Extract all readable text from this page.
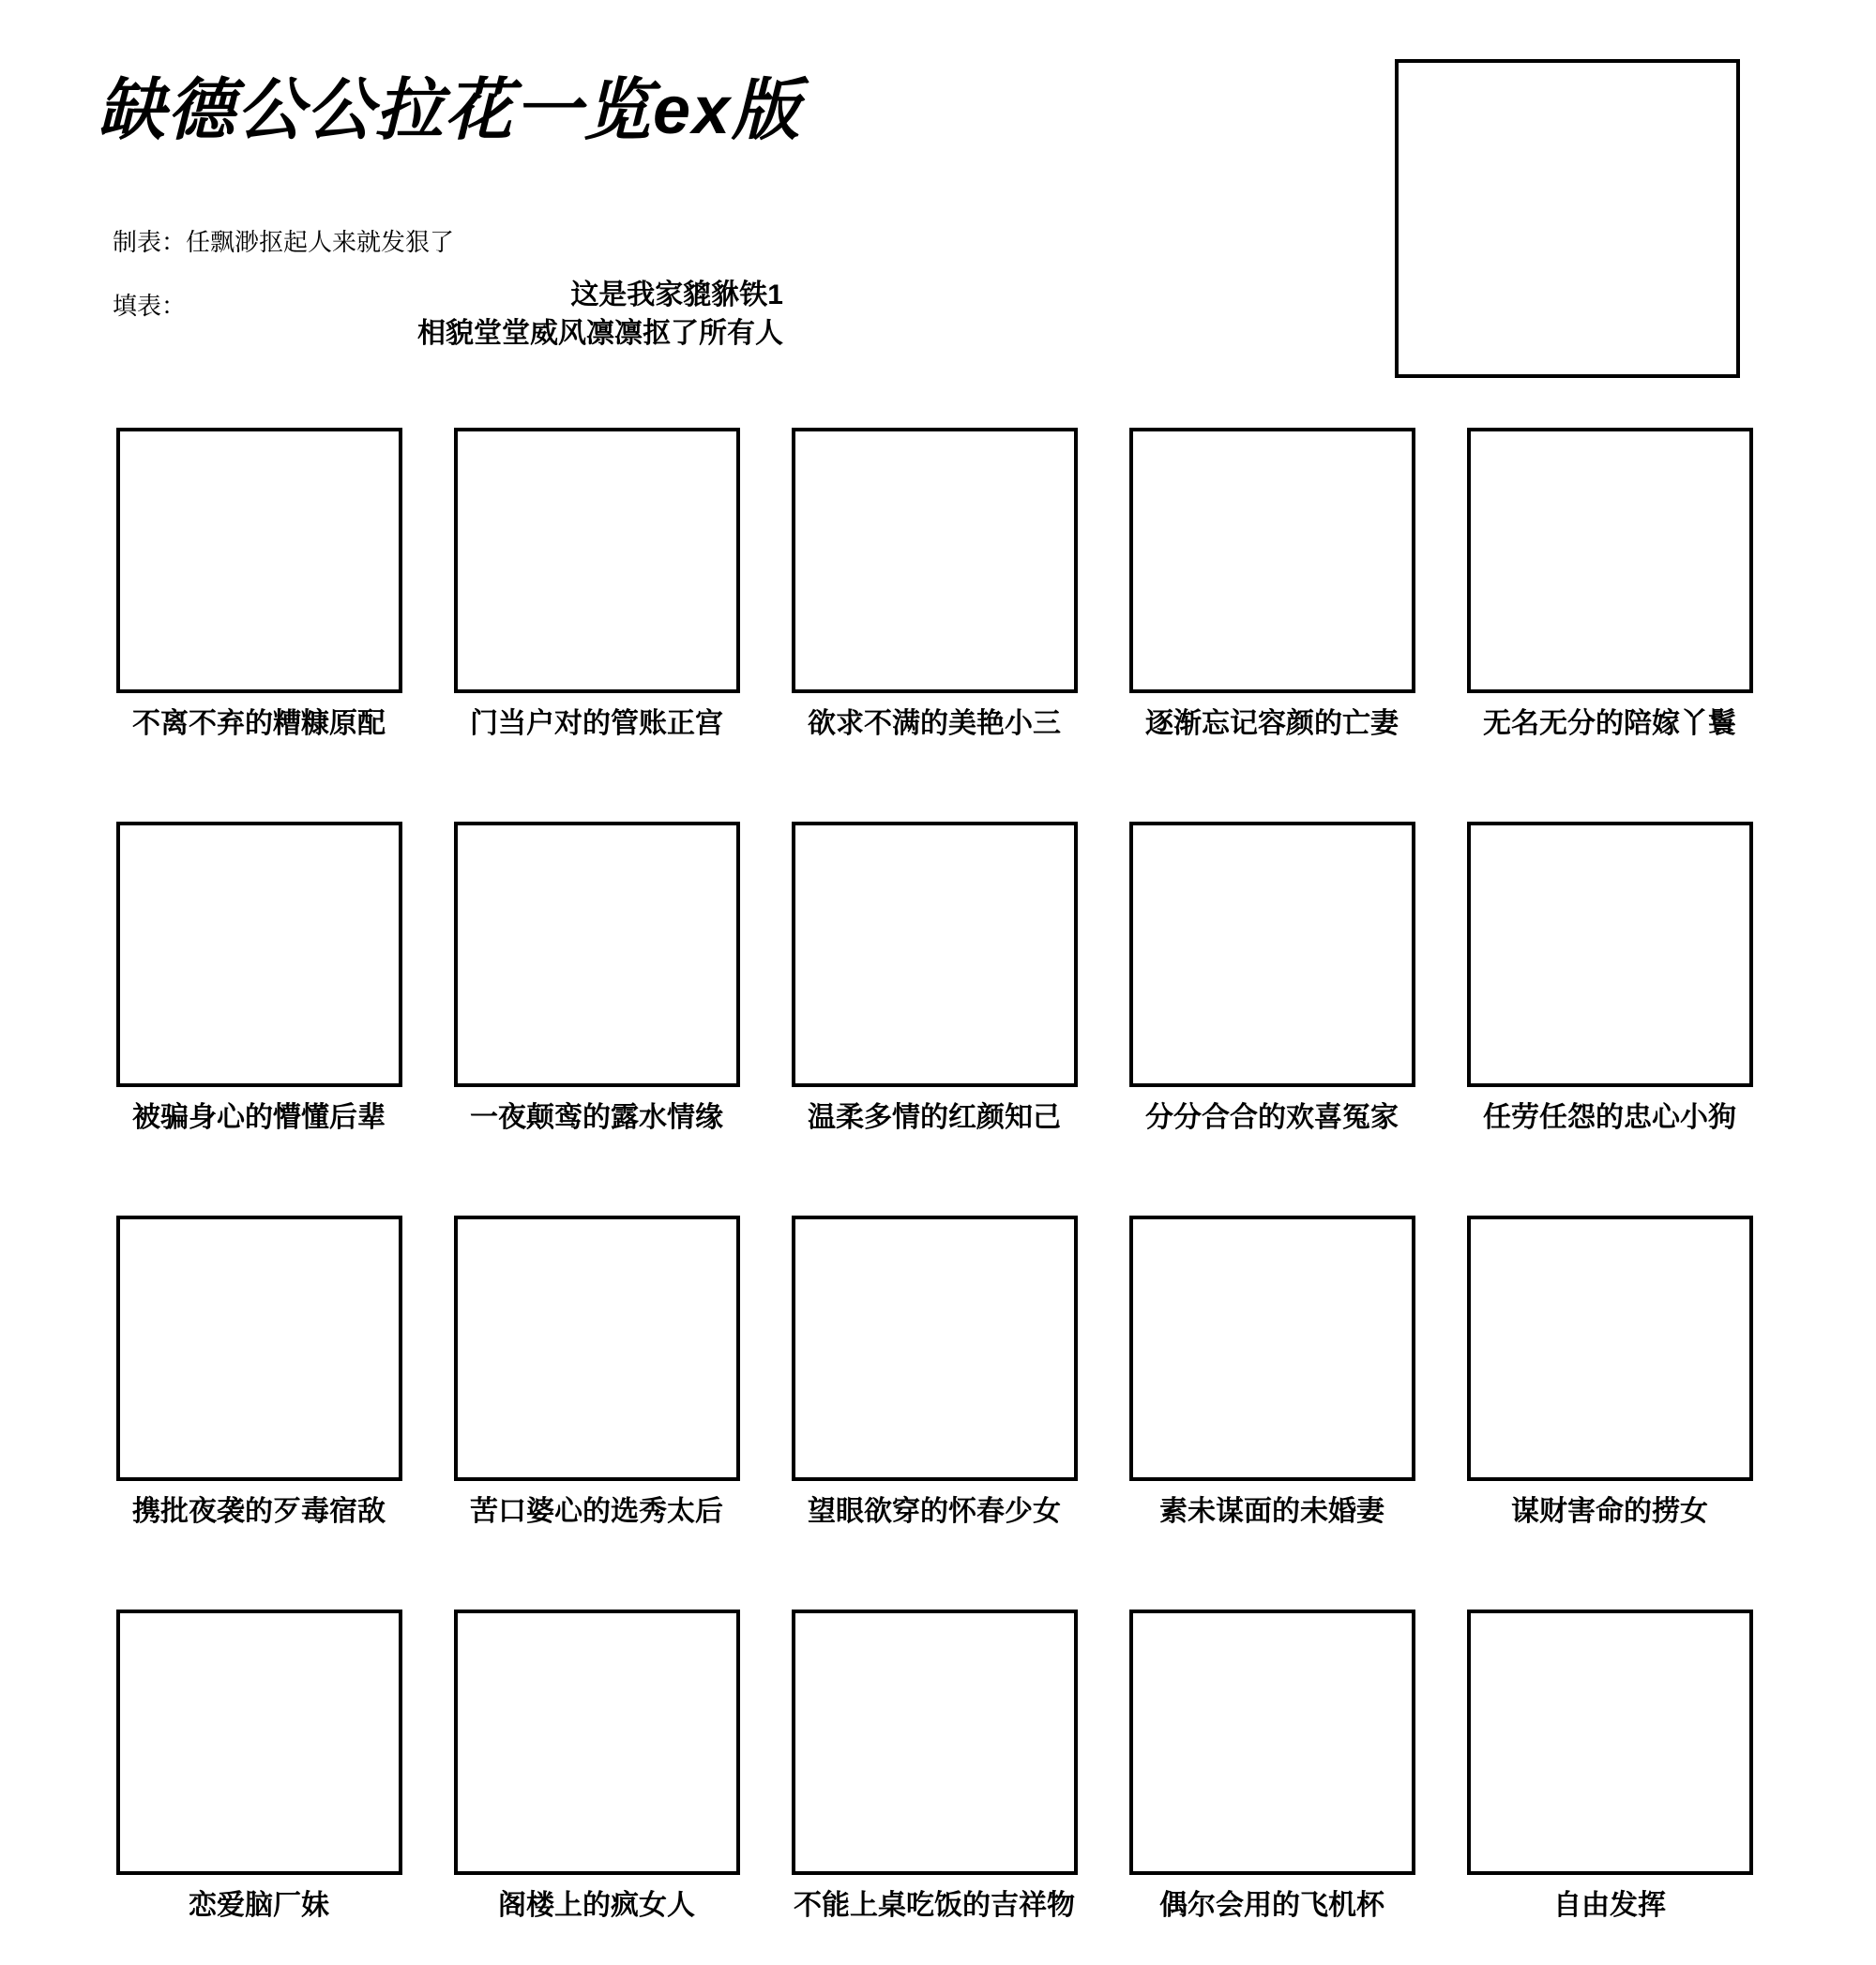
缺德公公拉花一览ex版
制表：任飘渺抠起人来就发狠了
填表：	这是我家貔貅铁1
相貌堂堂威风凛凛抠了所有人
不离不弃的糟糠原配	门当户对的管账正宫	欲求不满的美艳小三	逐渐忘记容颜的亡妻	无名无分的陪嫁丫鬟
被骗身心的懵懂后辈	一夜颠鸾的露水情缘	温柔多情的红颜知己	分分合合的欢喜冤家	任劳任怨的忠心小狗
携批夜袭的歹毒宿敌	苦口婆心的选秀太后	望眼欲穿的怀春少女	素未谋面的未婚妻	谋财害命的捞女
恋爱脑厂妹	阁楼上的疯女人	不能上桌吃饭的吉祥物	偶尔会用的飞机杯	自由发挥
